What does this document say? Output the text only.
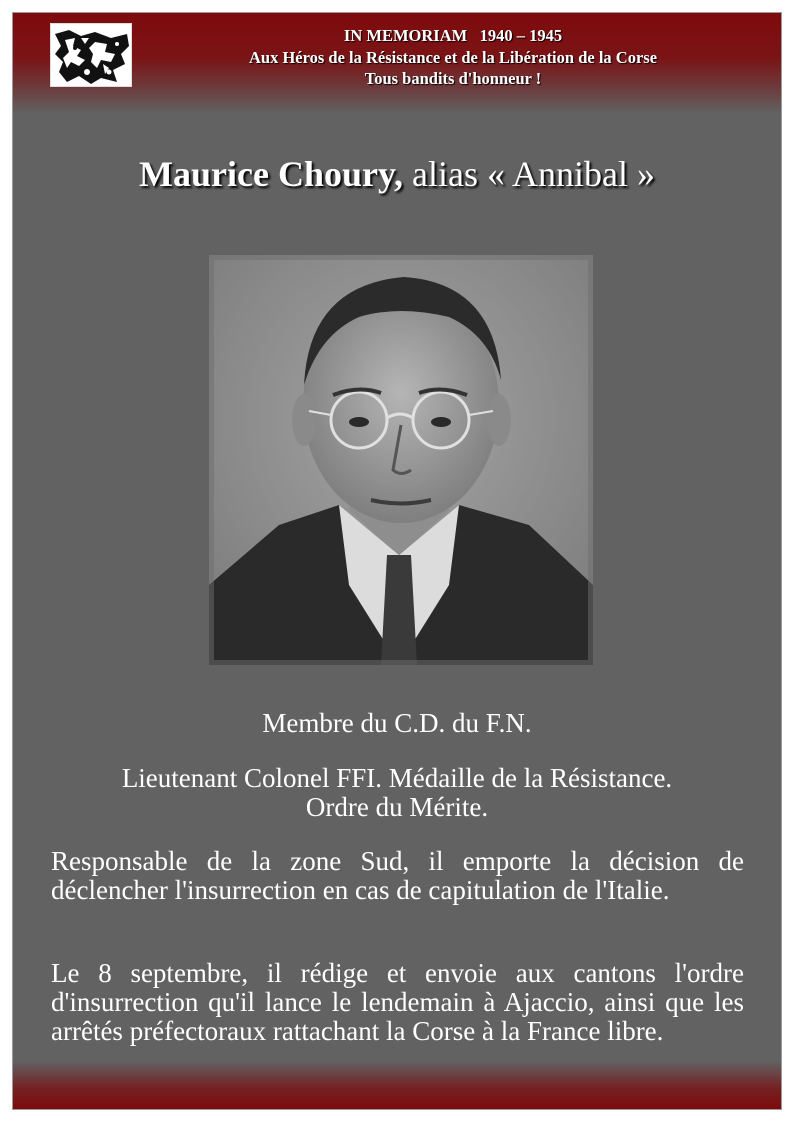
IN MEMORIAM   1940 – 1945
Aux Héros de la Résistance et de la Libération de la Corse
Tous bandits d'honneur !
Maurice Choury, alias « Annibal »
Membre du C.D. du F.N.
Lieutenant Colonel FFI. Médaille de la Résistance.
Ordre du Mérite.
Responsable de la zone Sud, il emporte la décision de déclencher l'insurrection en cas de capitulation de l'Italie.
Le 8 septembre, il rédige et envoie aux cantons l'ordre d'insurrection qu'il lance le lendemain à Ajaccio, ainsi que les arrêtés préfectoraux rattachant la Corse à la France libre.
